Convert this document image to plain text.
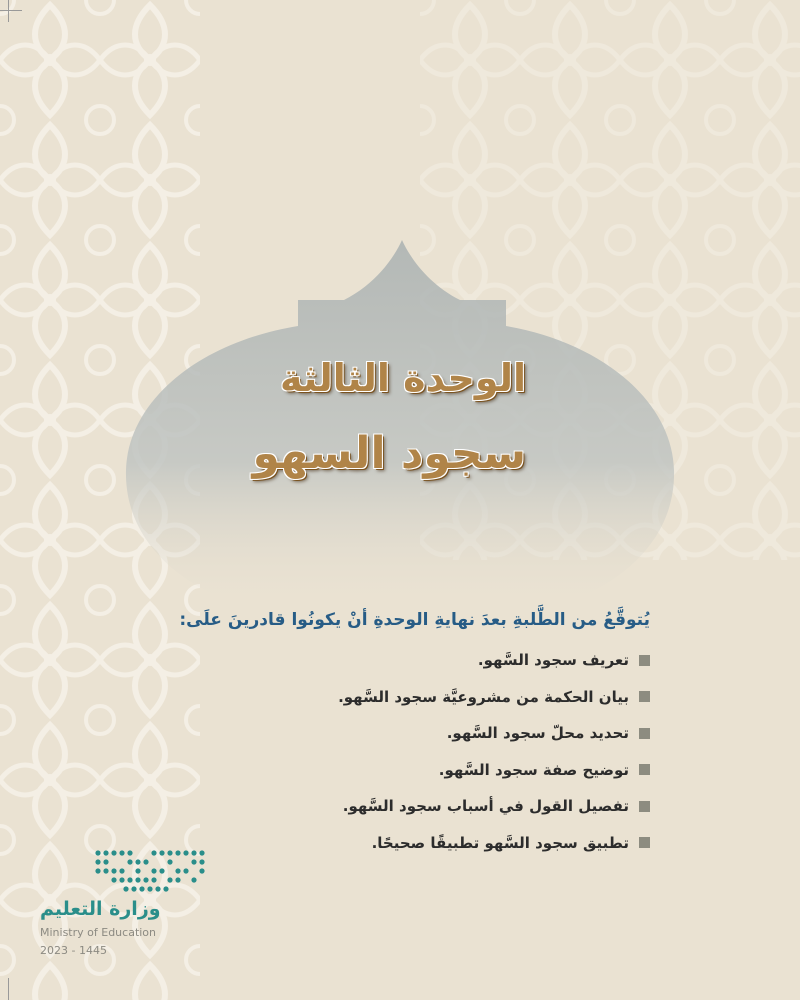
الوحدة الثالثة
سجود السهو

يُتوقَّعُ من الطَّلبةِ بعدَ نهايةِ الوحدةِ أنْ يكونُوا قادرينَ علَى:

تعريف سجود السَّهو.
بيان الحكمة من مشروعيَّة سجود السَّهو.
تحديد محلّ سجود السَّهو.
توضيح صفة سجود السَّهو.
تفصيل القول في أسباب سجود السَّهو.
تطبيق سجود السَّهو تطبيقًا صحيحًا.

وزارة التعليم

Ministry of Education

2023 - 1445
